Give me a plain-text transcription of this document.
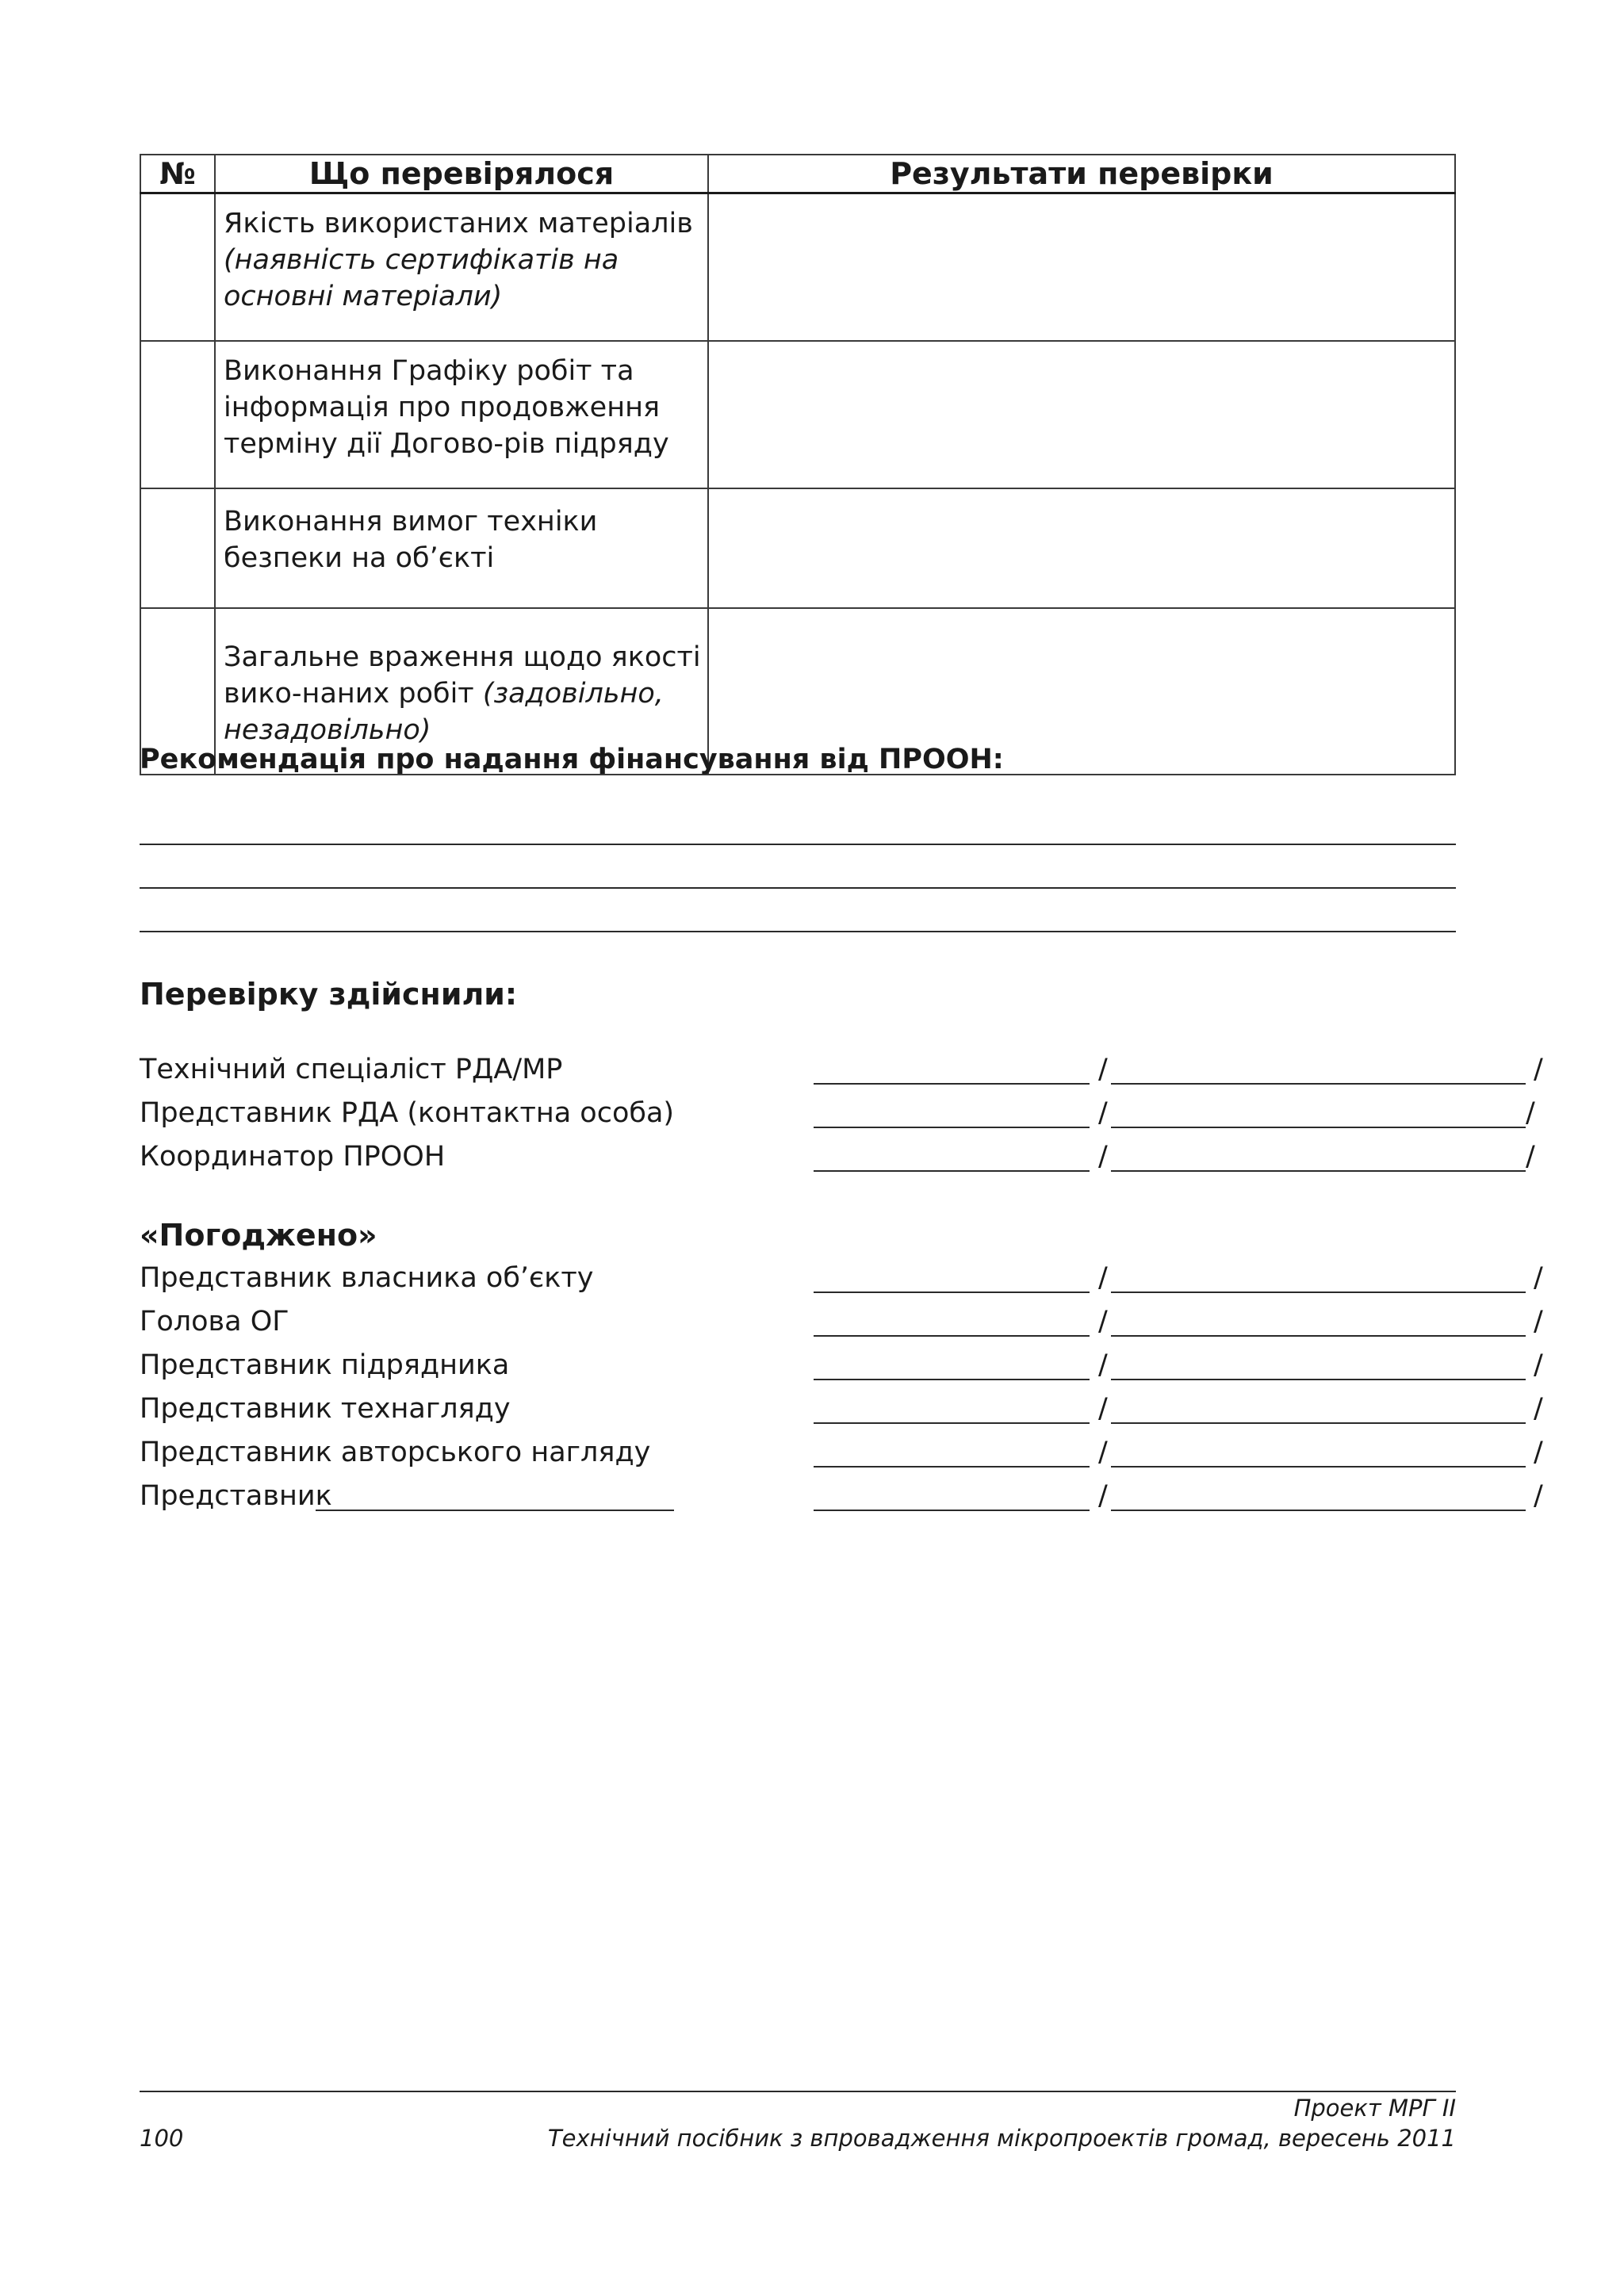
№	Що перевірялося	Результати перевірки

	Якість використаних матеріалів
(наявність сертифікатів на основні матеріали)	

	Виконання Графіку робіт та інформація про продовження терміну дії Догово-рів підряду	

	Виконання вимог техніки безпеки на об’єкті	

	Загальне враження щодо якості вико-наних робіт (задовільно, незадовільно)	
Рекомендація про надання фінансування від ПРООН:
Перевірку здійснили:
Технічний спеціаліст РДА/МР	/	/
Представник РДА (контактна особа)	/	/
Координатор ПРООН	/	/
«Погоджено»
Представник власника об’єкту	/	/
Голова ОГ	/	/
Представник підрядника	/	/
Представник технагляду	/	/
Представник авторського нагляду	/	/
Представник	/	/
Проект МРГ ІІ
Технічний посібник з впровадження мікропроектів громад, вересень 2011
100
